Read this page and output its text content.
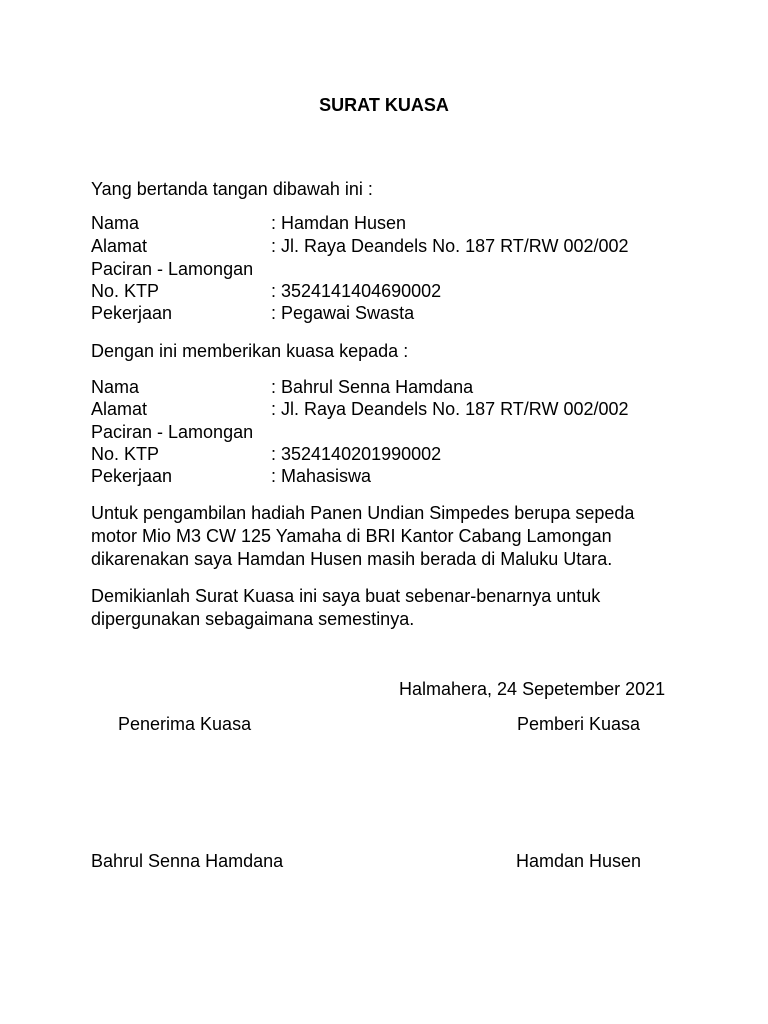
SURAT KUASA
Yang bertanda tangan dibawah ini :
Nama	: Hamdan Husen
Alamat	: Jl. Raya Deandels No. 187 RT/RW 002/002
Paciran - Lamongan
No. KTP	: 3524141404690002
Pekerjaan	: Pegawai Swasta
Dengan ini memberikan kuasa kepada :
Nama	: Bahrul Senna Hamdana
Alamat	: Jl. Raya Deandels No. 187 RT/RW 002/002
Paciran - Lamongan
No. KTP	: 3524140201990002
Pekerjaan	: Mahasiswa
Untuk pengambilan hadiah Panen Undian Simpedes berupa sepeda
motor Mio M3 CW 125 Yamaha di BRI Kantor Cabang Lamongan
dikarenakan saya Hamdan Husen masih berada di Maluku Utara.
Demikianlah Surat Kuasa ini saya buat sebenar-benarnya untuk
dipergunakan sebagaimana semestinya.
Halmahera, 24 Sepetember 2021
Penerima Kuasa	Pemberi Kuasa
Bahrul Senna Hamdana	Hamdan Husen
